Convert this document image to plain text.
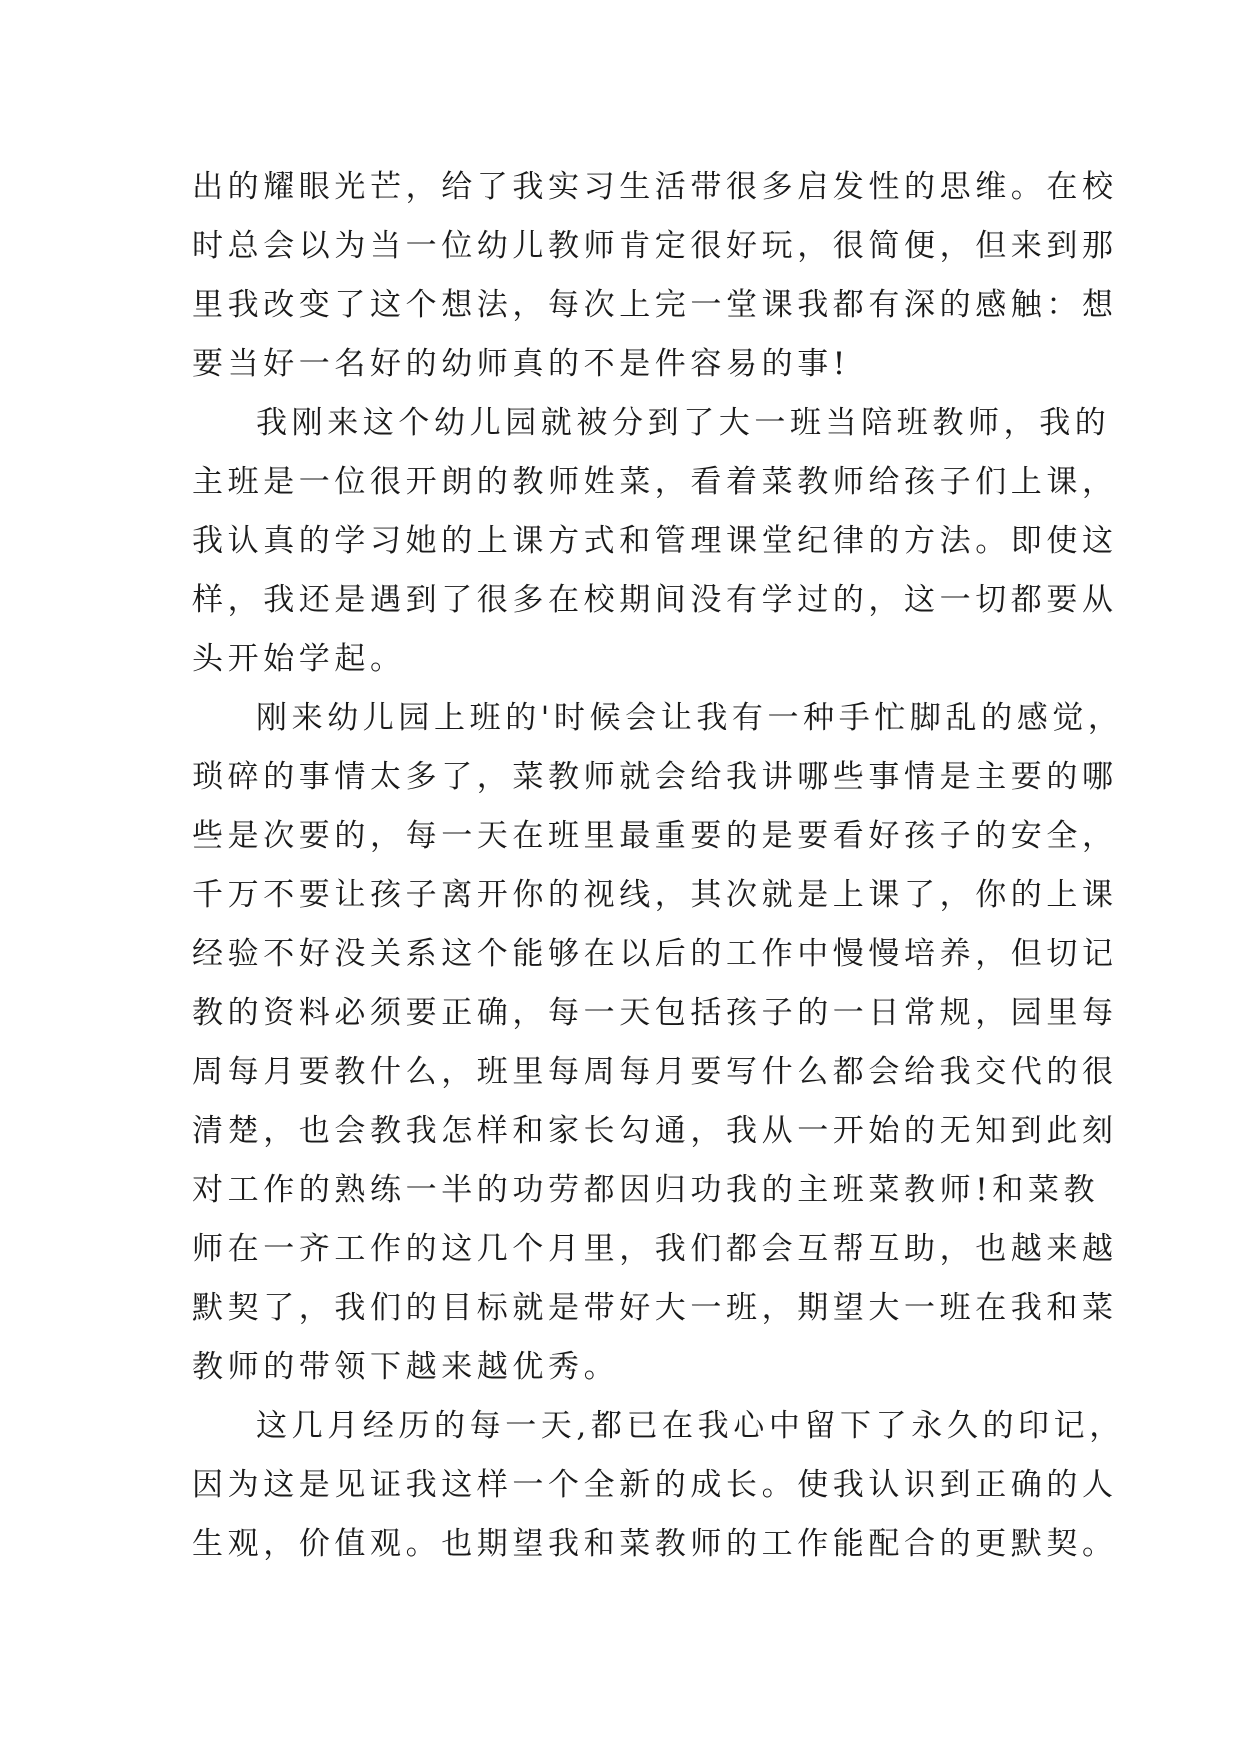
出的耀眼光芒，给了我实习生活带很多启发性的思维。在校
时总会以为当一位幼儿教师肯定很好玩，很简便，但来到那
里我改变了这个想法，每次上完一堂课我都有深的感触：想
要当好一名好的幼师真的不是件容易的事!
我刚来这个幼儿园就被分到了大一班当陪班教师，我的
主班是一位很开朗的教师姓菜，看着菜教师给孩子们上课，
我认真的学习她的上课方式和管理课堂纪律的方法。即使这
样，我还是遇到了很多在校期间没有学过的，这一切都要从
头开始学起。
刚来幼儿园上班的'时候会让我有一种手忙脚乱的感觉，
琐碎的事情太多了，菜教师就会给我讲哪些事情是主要的哪
些是次要的，每一天在班里最重要的是要看好孩子的安全，
千万不要让孩子离开你的视线，其次就是上课了，你的上课
经验不好没关系这个能够在以后的工作中慢慢培养，但切记
教的资料必须要正确，每一天包括孩子的一日常规，园里每
周每月要教什么，班里每周每月要写什么都会给我交代的很
清楚，也会教我怎样和家长勾通，我从一开始的无知到此刻
对工作的熟练一半的功劳都因归功我的主班菜教师!和菜教
师在一齐工作的这几个月里，我们都会互帮互助，也越来越
默契了，我们的目标就是带好大一班，期望大一班在我和菜
教师的带领下越来越优秀。
这几月经历的每一天,都已在我心中留下了永久的印记，
因为这是见证我这样一个全新的成长。使我认识到正确的人
生观，价值观。也期望我和菜教师的工作能配合的更默契。
